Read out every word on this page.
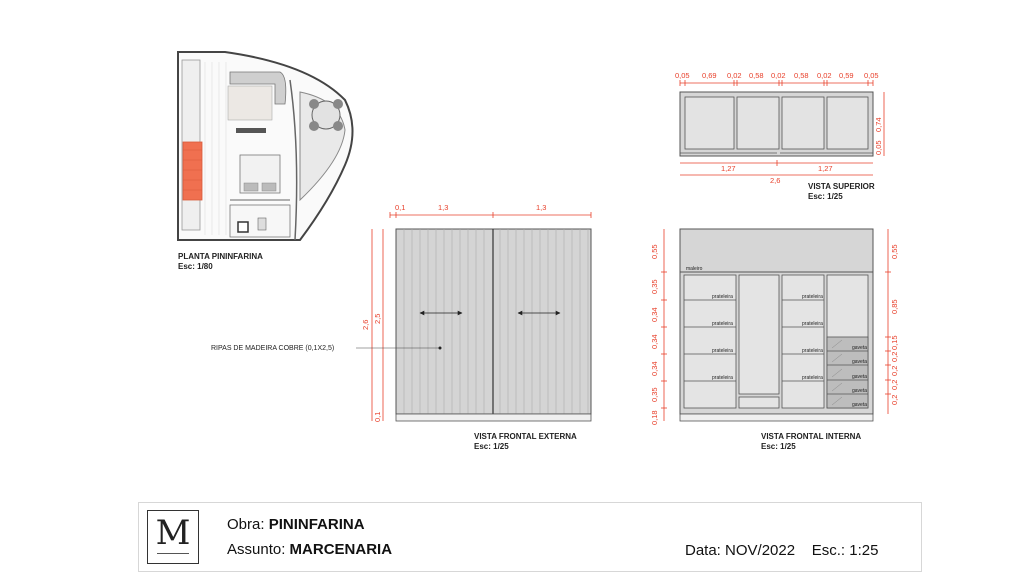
PLANTA PININFARINA
Esc: 1/80
0,05 0,69 0,02 0,58 0,02 0,58 0,02 0,59 0,05
1,27	1,27
2,6
0,74
0,05
VISTA SUPERIOR
Esc: 1/25
0,1	1,3	1,3
2,6
2,5
0,1
RIPAS DE MADEIRA COBRE (0,1X2,5)
VISTA FRONTAL EXTERNA
Esc: 1/25
0,55
0,35
0,34
0,34
0,34
0,35
0,18
0,55
0,85
0,15
0,2
0,2
0,2
0,2
maleiro
prateleira
prateleira
prateleira
prateleira
prateleira
prateleira
prateleira
prateleira
gaveta
gaveta
gaveta
gaveta
gaveta
VISTA FRONTAL INTERNA
Esc: 1/25
M	Obra: PININFARINA
Assunto: MARCENARIA	Data: NOV/2022 Esc.: 1:25
